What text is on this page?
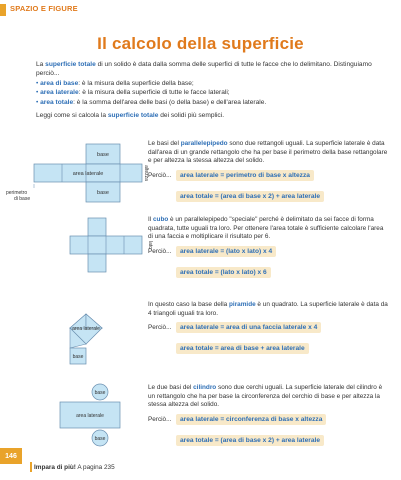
SPAZIO E FIGURE
Il calcolo della superficie

La superficie totale di un solido è data dalla somma delle superfici di tutte le facce che lo delimitano. Distinguiamo perciò...

• area di base: è la misura della superficie della base;

• area laterale: è la misura della superficie di tutte le facce laterali;

• area totale: è la somma dell'area delle basi (o della base) e dell'area laterale.

Leggi come si calcola la superficie totale dei solidi più semplici.

base
area laterale
base
altezza
perimetro
di base

Le basi del parallelepipedo sono due rettangoli uguali. La superficie laterale è data dall'area di un grande rettangolo che ha per base il perimetro della base rettangolare e per altezza la stessa altezza del solido.

Perciò...	area laterale = perimetro di base x altezza
area totale = (area di base x 2) + area laterale
lato

Il cubo è un parallelepipedo "speciale" perché è delimitato da sei facce di forma quadrata, tutte uguali tra loro. Per ottenere l'area totale è sufficiente calcolare l'area di una faccia e moltiplicare il risultato per 6.

Perciò...	area laterale = (lato x lato) x 4
area totale = (lato x lato) x 6
area laterale
base

In questo caso la base della piramide è un quadrato. La superficie laterale è data da 4 triangoli uguali tra loro.

Perciò...	area laterale = area di una faccia laterale x 4
area totale = area di base + area laterale
base
area laterale
base

Le due basi del cilindro sono due cerchi uguali. La superficie laterale del cilindro è un rettangolo che ha per base la circonferenza del cerchio di base e per altezza la stessa altezza del solido.

Perciò...	area laterale = circonferenza di base x altezza
area totale = (area di base x 2) + area laterale
146
Impara di più! A pagina 235
